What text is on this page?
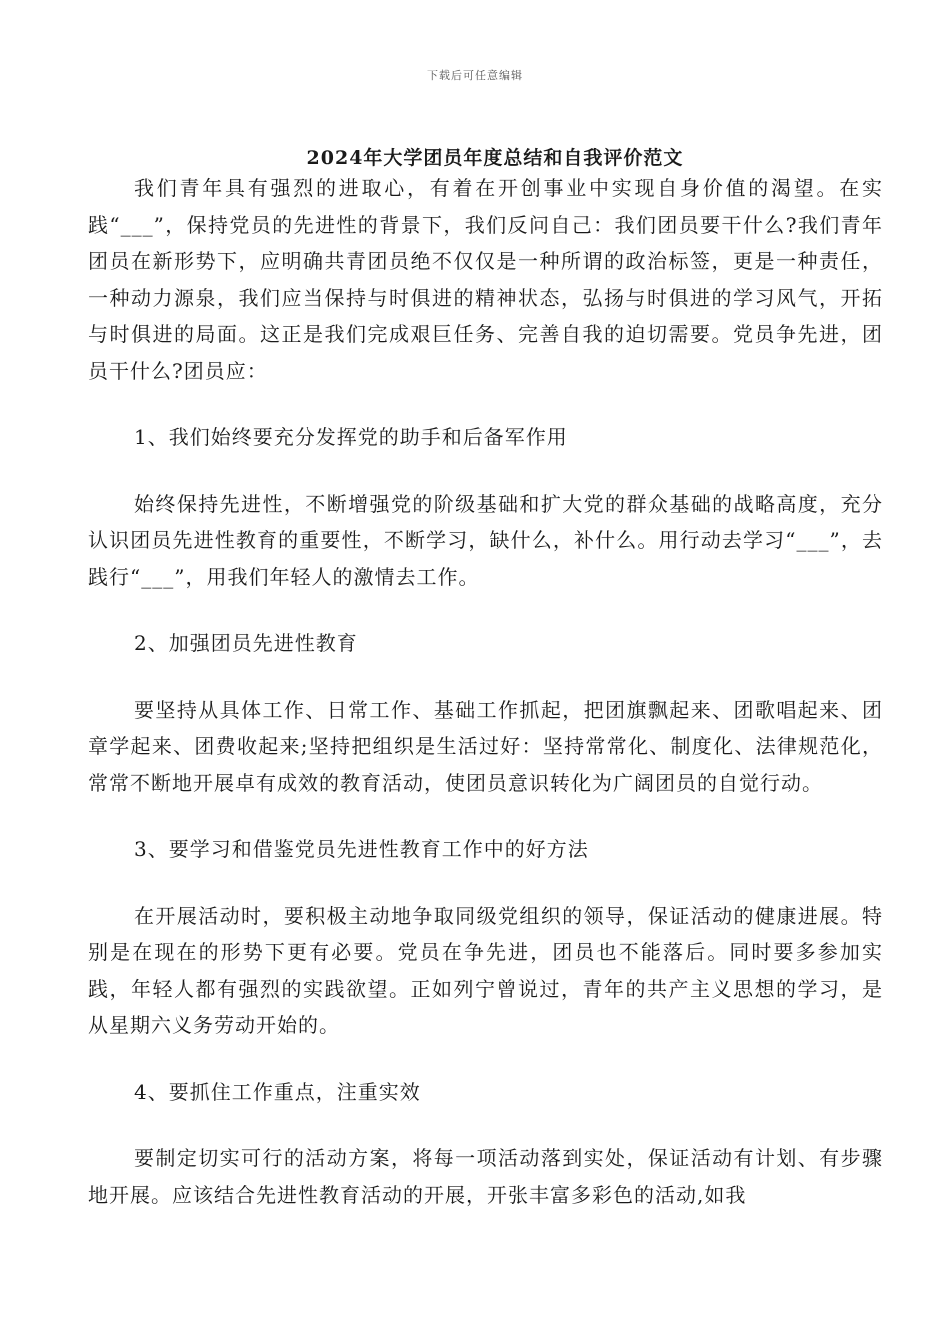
下载后可任意编辑
2024年大学团员年度总结和自我评价范文

我们青年具有强烈的进取心，有着在开创事业中实现自身价值的渴望。在实践“___”，保持党员的先进性的背景下，我们反问自己：我们团员要干什么?我们青年团员在新形势下，应明确共青团员绝不仅仅是一种所谓的政治标签，更是一种责任，一种动力源泉，我们应当保持与时俱进的精神状态，弘扬与时俱进的学习风气，开拓与时俱进的局面。这正是我们完成艰巨任务、完善自我的迫切需要。党员争先进，团员干什么?团员应：

1、我们始终要充分发挥党的助手和后备军作用

始终保持先进性，不断增强党的阶级基础和扩大党的群众基础的战略高度，充分认识团员先进性教育的重要性，不断学习，缺什么，补什么。用行动去学习“___”，去践行“___”，用我们年轻人的激情去工作。

2、加强团员先进性教育

要坚持从具体工作、日常工作、基础工作抓起，把团旗飘起来、团歌唱起来、团章学起来、团费收起来;坚持把组织是生活过好：坚持常常化、制度化、法律规范化，常常不断地开展卓有成效的教育活动，使团员意识转化为广阔团员的自觉行动。

3、要学习和借鉴党员先进性教育工作中的好方法

在开展活动时，要积极主动地争取同级党组织的领导，保证活动的健康进展。特别是在现在的形势下更有必要。党员在争先进，团员也不能落后。同时要多参加实践，年轻人都有强烈的实践欲望。正如列宁曾说过，青年的共产主义思想的学习，是从星期六义务劳动开始的。

4、要抓住工作重点，注重实效

要制定切实可行的活动方案，将每一项活动落到实处，保证活动有计划、有步骤地开展。应该结合先进性教育活动的开展，开张丰富多彩色的活动,如我
